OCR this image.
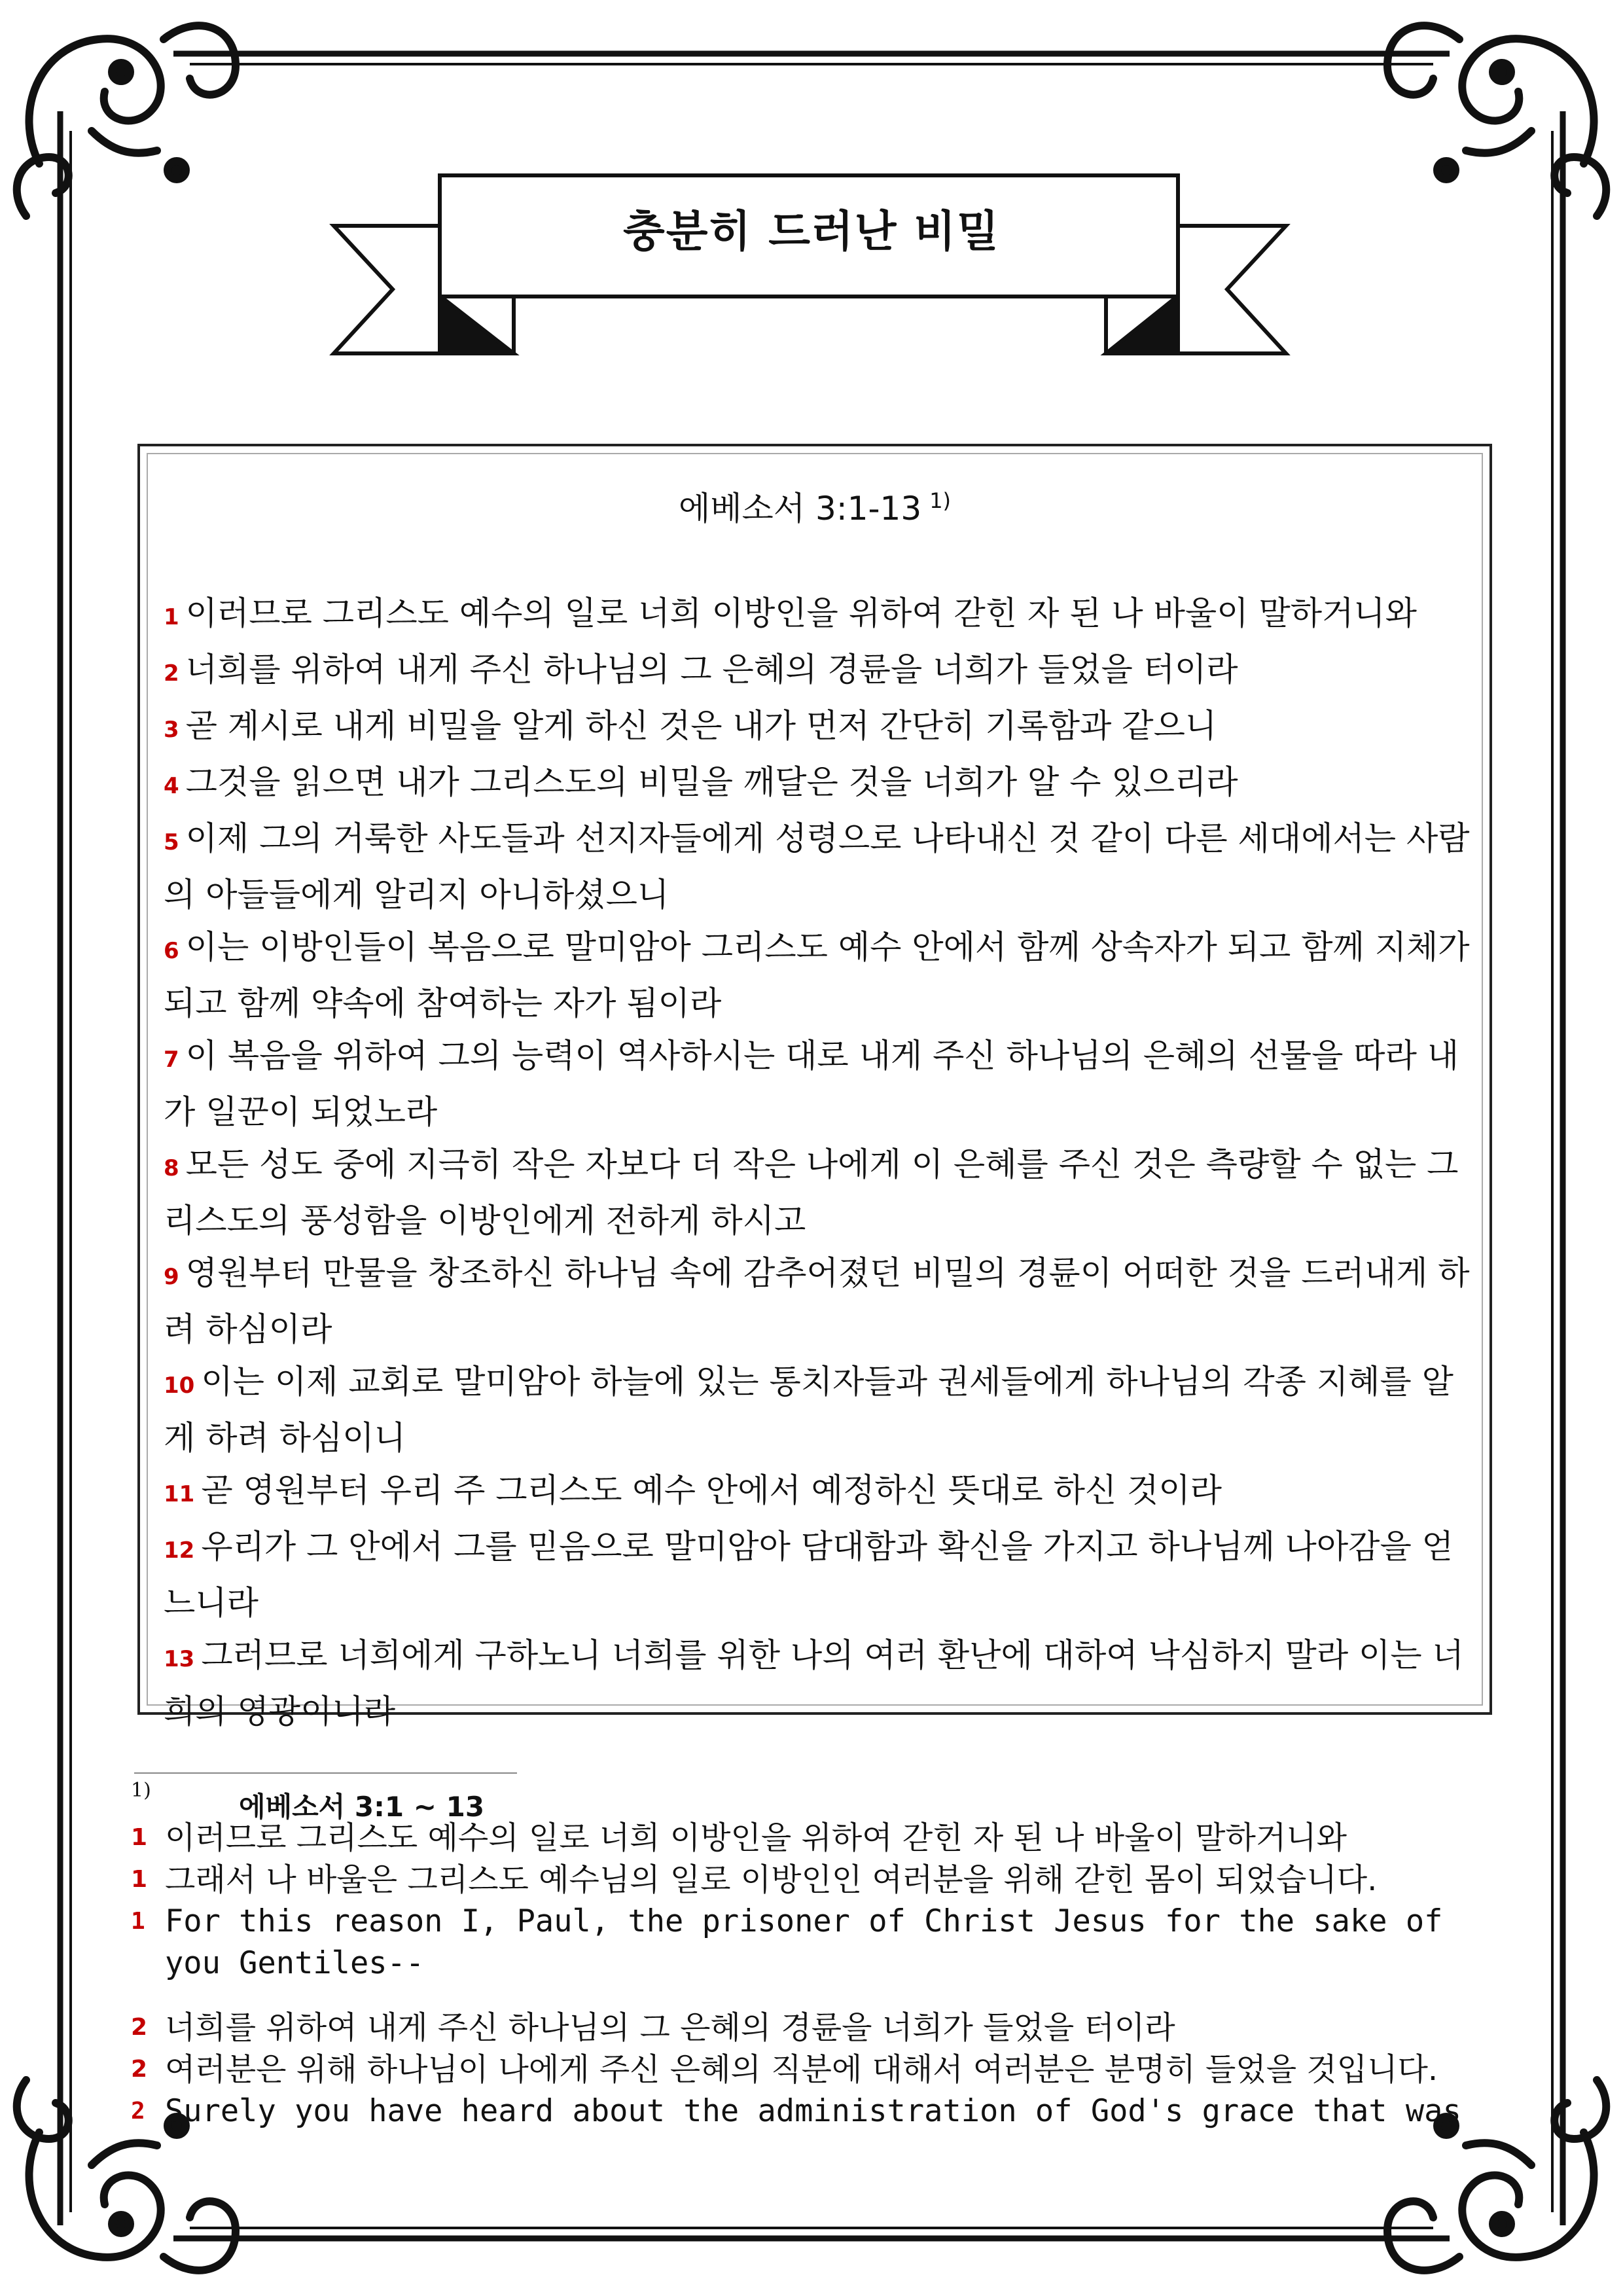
충분히 드러난 비밀
에베소서 3:1-13 $^{1)}$
1 이러므로 그리스도 예수의 일로 너희 이방인을 위하여 갇힌 자 된 나 바울이 말하거니와
2 너희를 위하여 내게 주신 하나님의 그 은혜의 경륜을 너희가 들었을 터이라
3 곧 계시로 내게 비밀을 알게 하신 것은 내가 먼저 간단히 기록함과 같으니
4 그것을 읽으면 내가 그리스도의 비밀을 깨달은 것을 너희가 알 수 있으리라
5 이제 그의 거룩한 사도들과 선지자들에게 성령으로 나타내신 것 같이 다른 세대에서는 사람의 아들들에게 알리지 아니하셨으니
6 이는 이방인들이 복음으로 말미암아 그리스도 예수 안에서 함께 상속자가 되고 함께 지체가 되고 함께 약속에 참여하는 자가 됨이라
7 이 복음을 위하여 그의 능력이 역사하시는 대로 내게 주신 하나님의 은혜의 선물을 따라 내가 일꾼이 되었노라
8 모든 성도 중에 지극히 작은 자보다 더 작은 나에게 이 은혜를 주신 것은 측량할 수 없는 그리스도의 풍성함을 이방인에게 전하게 하시고
9 영원부터 만물을 창조하신 하나님 속에 감추어졌던 비밀의 경륜이 어떠한 것을 드러내게 하려 하심이라
10 이는 이제 교회로 말미암아 하늘에 있는 통치자들과 권세들에게 하나님의 각종 지혜를 알게 하려 하심이니
11 곧 영원부터 우리 주 그리스도 예수 안에서 예정하신 뜻대로 하신 것이라
12 우리가 그 안에서 그를 믿음으로 말미암아 담대함과 확신을 가지고 하나님께 나아감을 얻느니라
13 그러므로 너희에게 구하노니 너희를 위한 나의 여러 환난에 대하여 낙심하지 말라 이는 너희의 영광이니라
1)
에베소서 3:1 ~ 13
1 이러므로 그리스도 예수의 일로 너희 이방인을 위하여 갇힌 자 된 나 바울이 말하거니와
1 그래서 나 바울은 그리스도 예수님의 일로 이방인인 여러분을 위해 갇힌 몸이 되었습니다.
1 For this reason I, Paul, the prisoner of Christ Jesus for the sake of you Gentiles--
2 너희를 위하여 내게 주신 하나님의 그 은혜의 경륜을 너희가 들었을 터이라
2 여러분은 위해 하나님이 나에게 주신 은혜의 직분에 대해서 여러분은 분명히 들었을 것입니다.
2 Surely you have heard about the administration of God's grace that was
